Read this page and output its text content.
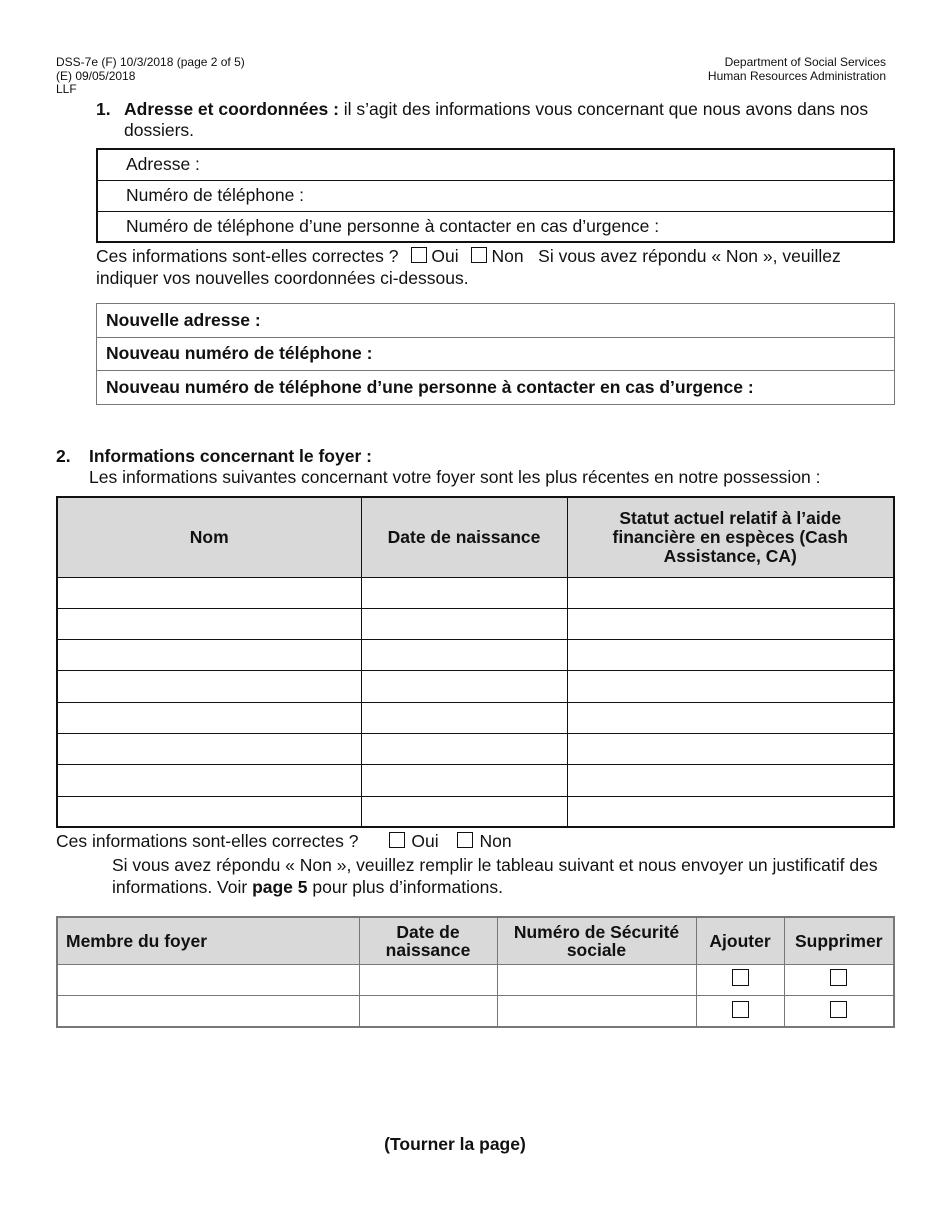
DSS-7e (F) 10/3/2018 (page 2 of 5)
(E) 09/05/2018
LLF
Department of Social Services
Human Resources Administration
1. Adresse et coordonnées : il s’agit des informations vous concernant que nous avons dans nos dossiers.
Adresse :
Numéro de téléphone :
Numéro de téléphone d’une personne à contacter en cas d’urgence :
Ces informations sont-elles correctes ? Oui Non Si vous avez répondu « Non », veuillez indiquer vos nouvelles coordonnées ci-dessous.
Nouvelle adresse :
Nouveau numéro de téléphone :
Nouveau numéro de téléphone d’une personne à contacter en cas d’urgence :
2. Informations concernant le foyer :
Les informations suivantes concernant votre foyer sont les plus récentes en notre possession :
Nom	Date de naissance	Statut actuel relatif à l’aide financière en espèces (Cash Assistance, CA)

Ces informations sont-elles correctes ?	Oui Non
Si vous avez répondu « Non », veuillez remplir le tableau suivant et nous envoyer un justificatif des informations. Voir page 5 pour plus d’informations.
Membre du foyer	Date de naissance	Numéro de Sécurité sociale	Ajouter	Supprimer

(Tourner la page)
